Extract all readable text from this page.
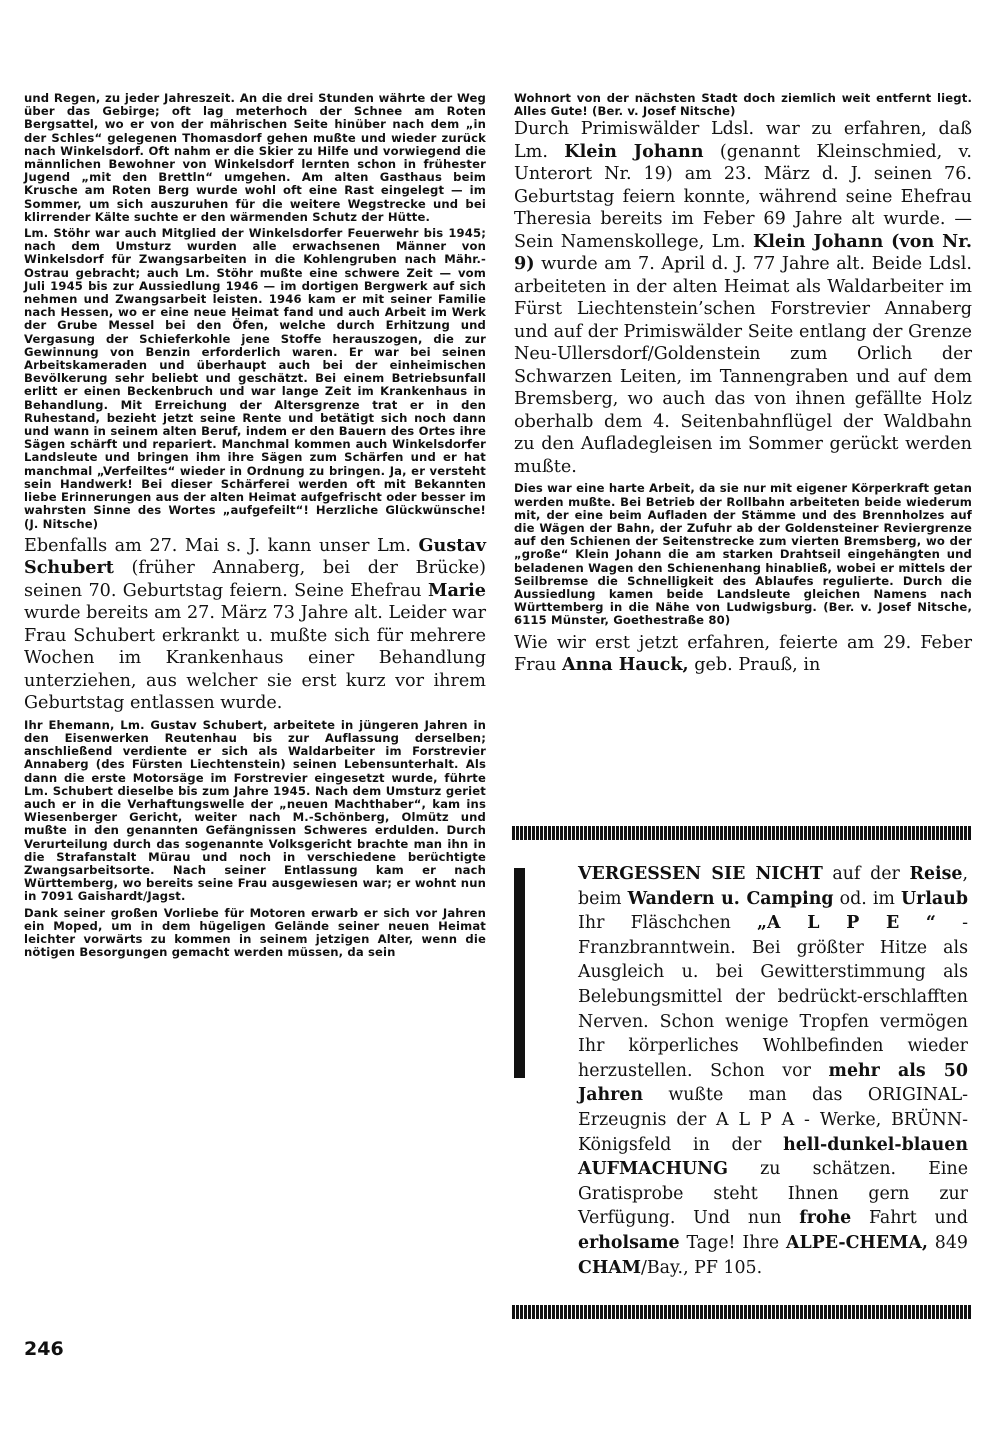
und Regen, zu jeder Jahreszeit. An die drei Stunden währte der Weg über das Gebirge; oft lag meterhoch der Schnee am Roten Bergsattel, wo er von der mährischen Seite hinüber nach dem „in der Schles“ gelegenen Thomasdorf gehen mußte und wieder zurück nach Winkelsdorf. Oft nahm er die Skier zu Hilfe und vorwiegend die männlichen Bewohner von Winkelsdorf lernten schon in frühester Jugend „mit den Brettln“ umgehen. Am alten Gasthaus beim Krusche am Roten Berg wurde wohl oft eine Rast eingelegt — im Sommer, um sich auszuruhen für die weitere Wegstrecke und bei klirrender Kälte suchte er den wärmenden Schutz der Hütte.

Lm. Stöhr war auch Mitglied der Winkelsdorfer Feuerwehr bis 1945; nach dem Umsturz wurden alle erwachsenen Männer von Winkelsdorf für Zwangsarbeiten in die Kohlengruben nach Mähr.-Ostrau gebracht; auch Lm. Stöhr mußte eine schwere Zeit — vom Juli 1945 bis zur Aussiedlung 1946 — im dortigen Bergwerk auf sich nehmen und Zwangsarbeit leisten. 1946 kam er mit seiner Familie nach Hessen, wo er eine neue Heimat fand und auch Arbeit im Werk der Grube Messel bei den Öfen, welche durch Erhitzung und Vergasung der Schieferkohle jene Stoffe herauszogen, die zur Gewinnung von Benzin erforderlich waren. Er war bei seinen Arbeitskameraden und überhaupt auch bei der einheimischen Bevölkerung sehr beliebt und geschätzt. Bei einem Betriebsunfall erlitt er einen Beckenbruch und war lange Zeit im Krankenhaus in Behandlung. Mit Erreichung der Altersgrenze trat er in den Ruhestand, bezieht jetzt seine Rente und betätigt sich noch dann und wann in seinem alten Beruf, indem er den Bauern des Ortes ihre Sägen schärft und repariert. Manchmal kommen auch Winkelsdorfer Landsleute und bringen ihm ihre Sägen zum Schärfen und er hat manchmal „Verfeiltes“ wieder in Ordnung zu bringen. Ja, er versteht sein Handwerk! Bei dieser Schärferei werden oft mit Bekannten liebe Erinnerungen aus der alten Heimat aufgefrischt oder besser im wahrsten Sinne des Wortes „aufgefeilt“! Herzliche Glückwünsche! (J. Nitsche)

Ebenfalls am 27. Mai s. J. kann unser Lm. Gustav Schubert (früher Annaberg, bei der Brücke) seinen 70. Geburtstag feiern. Seine Ehefrau Marie wurde bereits am 27. März 73 Jahre alt. Leider war Frau Schubert erkrankt u. mußte sich für mehrere Wochen im Krankenhaus einer Behandlung unterziehen, aus welcher sie erst kurz vor ihrem Geburtstag entlassen wurde.

Ihr Ehemann, Lm. Gustav Schubert, arbeitete in jüngeren Jahren in den Eisenwerken Reutenhau bis zur Auflassung derselben; anschließend verdiente er sich als Waldarbeiter im Forstrevier Annaberg (des Fürsten Liechtenstein) seinen Lebensunterhalt. Als dann die erste Motorsäge im Forstrevier eingesetzt wurde, führte Lm. Schubert dieselbe bis zum Jahre 1945. Nach dem Umsturz geriet auch er in die Verhaftungswelle der „neuen Machthaber“, kam ins Wiesenberger Gericht, weiter nach M.-Schönberg, Olmütz und mußte in den genannten Gefängnissen Schweres erdulden. Durch Verurteilung durch das sogenannte Volksgericht brachte man ihn in die Strafanstalt Mürau und noch in verschiedene berüchtigte Zwangsarbeitsorte. Nach seiner Entlassung kam er nach Württemberg, wo bereits seine Frau ausgewiesen war; er wohnt nun in 7091 Gaishardt/Jagst.

Dank seiner großen Vorliebe für Motoren erwarb er sich vor Jahren ein Moped, um in dem hügeligen Gelände seiner neuen Heimat leichter vorwärts zu kommen in seinem jetzigen Alter, wenn die nötigen Besorgungen gemacht werden müssen, da sein

Wohnort von der nächsten Stadt doch ziemlich weit entfernt liegt. Alles Gute! (Ber. v. Josef Nitsche)

Durch Primiswälder Ldsl. war zu erfahren, daß Lm. Klein Johann (genannt Kleinschmied, v. Unterort Nr. 19) am 23. März d. J. seinen 76. Geburtstag feiern konnte, während seine Ehefrau Theresia bereits im Feber 69 Jahre alt wurde. — Sein Namenskollege, Lm. Klein Johann (von Nr. 9) wurde am 7. April d. J. 77 Jahre alt. Beide Ldsl. arbeiteten in der alten Heimat als Waldarbeiter im Fürst Liechtenstein’schen Forstrevier Annaberg und auf der Primiswälder Seite entlang der Grenze Neu-Ullersdorf/Goldenstein zum Orlich der Schwarzen Leiten, im Tannengraben und auf dem Bremsberg, wo auch das von ihnen gefällte Holz oberhalb dem 4. Seitenbahnflügel der Waldbahn zu den Aufladegleisen im Sommer gerückt werden mußte.

Dies war eine harte Arbeit, da sie nur mit eigener Körperkraft getan werden mußte. Bei Betrieb der Rollbahn arbeiteten beide wiederum mit, der eine beim Aufladen der Stämme und des Brennholzes auf die Wägen der Bahn, der Zufuhr ab der Goldensteiner Reviergrenze auf den Schienen der Seitenstrecke zum vierten Bremsberg, wo der „große“ Klein Johann die am starken Drahtseil eingehängten und beladenen Wagen den Schienenhang hinabließ, wobei er mittels der Seilbremse die Schnelligkeit des Ablaufes regulierte. Durch die Aussiedlung kamen beide Landsleute gleichen Namens nach Württemberg in die Nähe von Ludwigsburg. (Ber. v. Josef Nitsche, 6115 Münster, Goethestraße 80)

Wie wir erst jetzt erfahren, feierte am 29. Feber Frau Anna Hauck, geb. Prauß, in

VERGESSEN SIE NICHT auf der Reise, beim Wandern u. Camping od. im Urlaub Ihr Fläschchen „A L P E “ -Franzbranntwein. Bei größter Hitze als Ausgleich u. bei Gewitterstimmung als Belebungsmittel der bedrückt-erschlafften Nerven. Schon wenige Tropfen vermögen Ihr körperliches Wohlbefinden wieder herzustellen. Schon vor mehr als 50 Jahren wußte man das ORIGINAL-Erzeugnis der A L P A - Werke, BRÜNN-Königsfeld in der hell-dunkel-blauen AUFMACHUNG zu schätzen. Eine Gratisprobe steht Ihnen gern zur Verfügung. Und nun frohe Fahrt und erholsame Tage! Ihre ALPE-CHEMA, 849 CHAM/Bay., PF 105.
246
